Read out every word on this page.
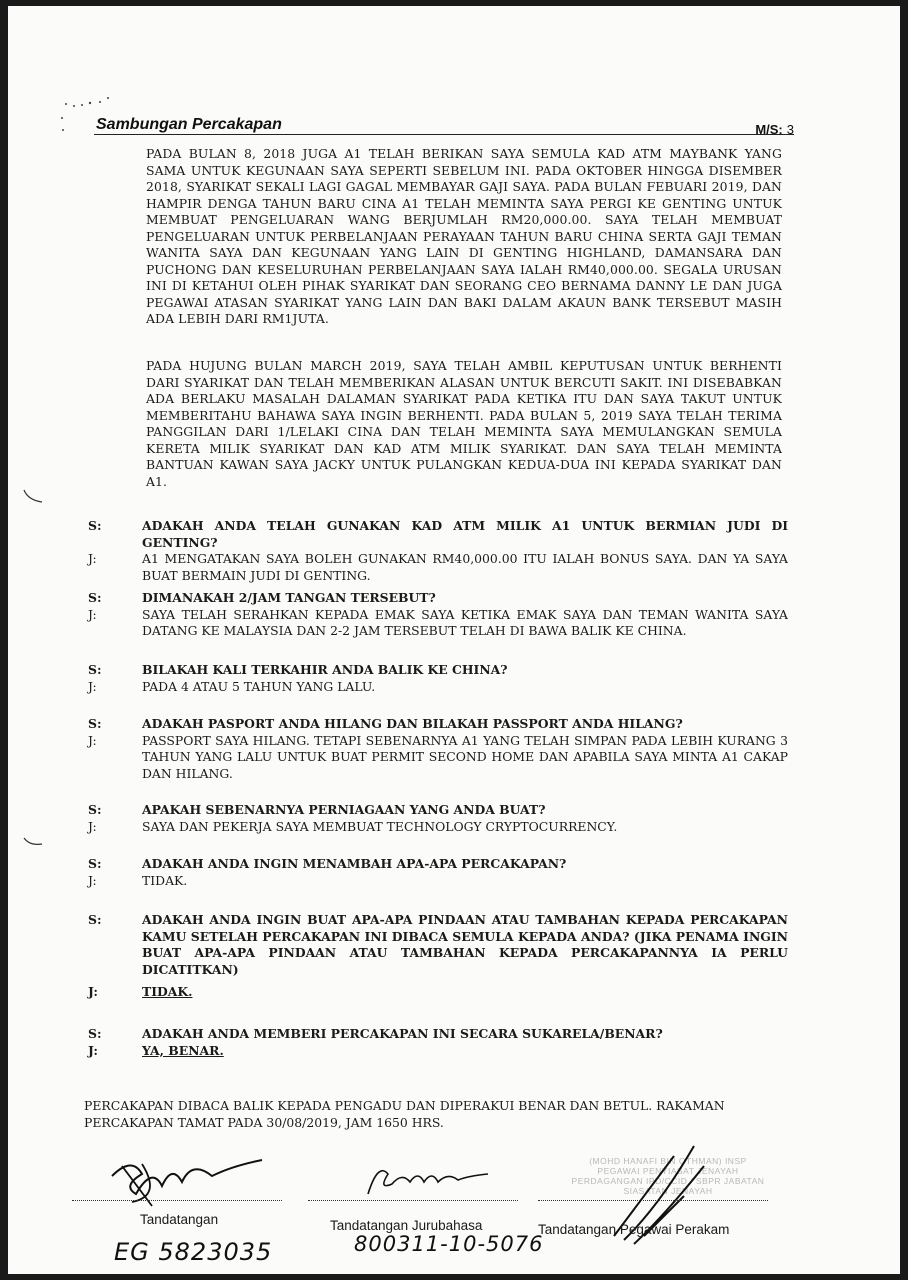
Sambungan Percakapan	M/S: 3
PADA BULAN 8, 2018 JUGA A1 TELAH BERIKAN SAYA SEMULA KAD ATM MAYBANK YANG SAMA UNTUK KEGUNAAN SAYA SEPERTI SEBELUM INI. PADA OKTOBER HINGGA DISEMBER 2018, SYARIKAT SEKALI LAGI GAGAL MEMBAYAR GAJI SAYA. PADA BULAN FEBUARI 2019, DAN HAMPIR DENGA TAHUN BARU CINA A1 TELAH MEMINTA SAYA PERGI KE GENTING UNTUK MEMBUAT PENGELUARAN WANG BERJUMLAH RM20,000.00. SAYA TELAH MEMBUAT PENGELUARAN UNTUK PERBELANJAAN PERAYAAN TAHUN BARU CHINA SERTA GAJI TEMAN WANITA SAYA DAN KEGUNAAN YANG LAIN DI GENTING HIGHLAND, DAMANSARA DAN PUCHONG DAN KESELURUHAN PERBELANJAAN SAYA IALAH RM40,000.00. SEGALA URUSAN INI DI KETAHUI OLEH PIHAK SYARIKAT DAN SEORANG CEO BERNAMA DANNY LE DAN JUGA PEGAWAI ATASAN SYARIKAT YANG LAIN DAN BAKI DALAM AKAUN BANK TERSEBUT MASIH ADA LEBIH DARI RM1JUTA.
PADA HUJUNG BULAN MARCH 2019, SAYA TELAH AMBIL KEPUTUSAN UNTUK BERHENTI DARI SYARIKAT DAN TELAH MEMBERIKAN ALASAN UNTUK BERCUTI SAKIT. INI DISEBABKAN ADA BERLAKU MASALAH DALAMAN SYARIKAT PADA KETIKA ITU DAN SAYA TAKUT UNTUK MEMBERITAHU BAHAWA SAYA INGIN BERHENTI. PADA BULAN 5, 2019 SAYA TELAH TERIMA PANGGILAN DARI 1/LELAKI CINA DAN TELAH MEMINTA SAYA MEMULANGKAN SEMULA KERETA MILIK SYARIKAT DAN KAD ATM MILIK SYARIKAT. DAN SAYA TELAH MEMINTA BANTUAN KAWAN SAYA JACKY UNTUK PULANGKAN KEDUA-DUA INI KEPADA SYARIKAT DAN A1.
S:	ADAKAH ANDA TELAH GUNAKAN KAD ATM MILIK A1 UNTUK BERMIAN JUDI DI GENTING?
J:	A1 MENGATAKAN SAYA BOLEH GUNAKAN RM40,000.00 ITU IALAH BONUS SAYA. DAN YA SAYA BUAT BERMAIN JUDI DI GENTING.
S:	DIMANAKAH 2/JAM TANGAN TERSEBUT?
J:	SAYA TELAH SERAHKAN KEPADA EMAK SAYA KETIKA EMAK SAYA DAN TEMAN WANITA SAYA DATANG KE MALAYSIA DAN 2-2 JAM TERSEBUT TELAH DI BAWA BALIK KE CHINA.
S:	BILAKAH KALI TERKAHIR ANDA BALIK KE CHINA?
J:	PADA 4 ATAU 5 TAHUN YANG LALU.
S:	ADAKAH PASPORT ANDA HILANG DAN BILAKAH PASSPORT ANDA HILANG?
J:	PASSPORT SAYA HILANG. TETAPI SEBENARNYA A1 YANG TELAH SIMPAN PADA LEBIH KURANG 3 TAHUN YANG LALU UNTUK BUAT PERMIT SECOND HOME DAN APABILA SAYA MINTA A1 CAKAP DAN HILANG.
S:	APAKAH SEBENARNYA PERNIAGAAN YANG ANDA BUAT?
J:	SAYA DAN PEKERJA SAYA MEMBUAT TECHNOLOGY CRYPTOCURRENCY.
S:	ADAKAH ANDA INGIN MENAMBAH APA-APA PERCAKAPAN?
J:	TIDAK.
S:	ADAKAH ANDA INGIN BUAT APA-APA PINDAAN ATAU TAMBAHAN KEPADA PERCAKAPAN KAMU SETELAH PERCAKAPAN INI DIBACA SEMULA KEPADA ANDA? (JIKA PENAMA INGIN BUAT APA-APA PINDAAN ATAU TAMBAHAN KEPADA PERCAKAPANNYA IA PERLU DICATITKAN)
J:	TIDAK.
S:	ADAKAH ANDA MEMBERI PERCAKAPAN INI SECARA SUKARELA/BENAR?
J:	YA, BENAR.
PERCAKAPAN DIBACA BALIK KEPADA PENGADU DAN DIPERAKUI BENAR DAN BETUL. RAKAMAN PERCAKAPAN TAMAT PADA 30/08/2019, JAM 1650 HRS.
(MOHD HANAFI BIN OTHMAN) INSP PEGAWAI PENYIASAT JENAYAH PERDAGANGAN IPD/CCID / SBPR JABATAN SIASATAN JENAYAH
Tandatangan	Tandatangan Jurubahasa	Tandatangan Pegawai Perakam
EG 5823035	800311-10-5076
